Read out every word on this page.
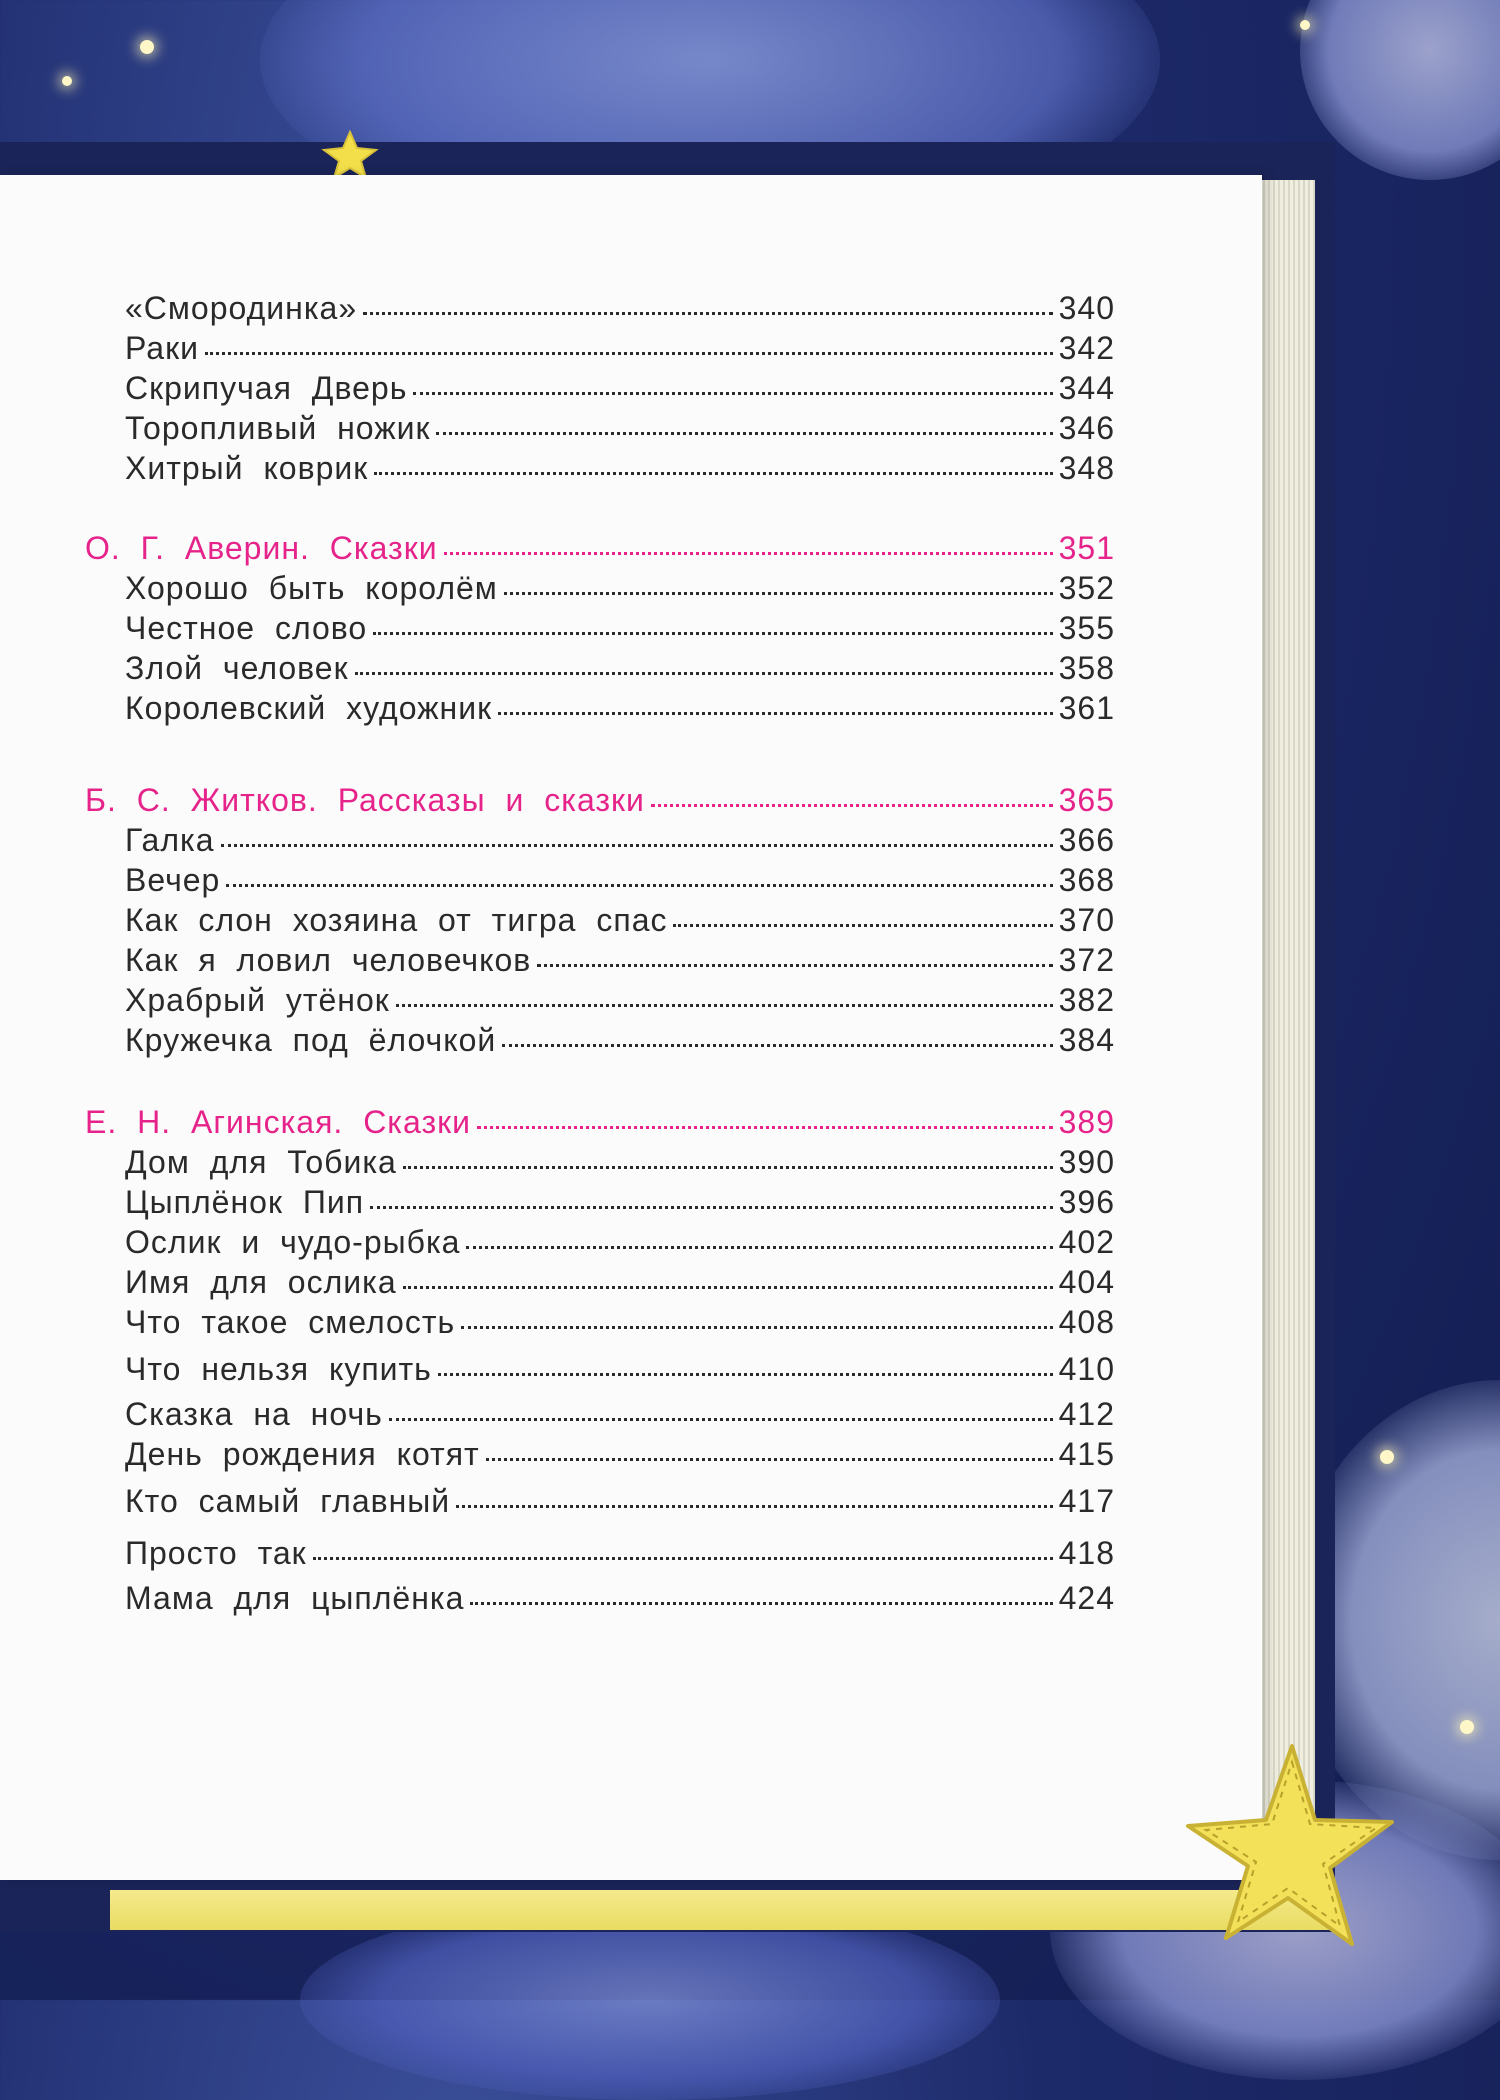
«Смородинка»	340
Раки	342
Скрипучая Дверь	344
Торопливый ножик	346
Хитрый коврик	348
О. Г. Аверин. Сказки	351
Хорошо быть королём	352
Честное слово	355
Злой человек	358
Королевский художник	361
Б. С. Житков. Рассказы и сказки	365
Галка	366
Вечер	368
Как слон хозяина от тигра спас	370
Как я ловил человечков	372
Храбрый утёнок	382
Кружечка под ёлочкой	384
Е. Н. Агинская. Сказки	389
Дом для Тобика	390
Цыплёнок Пип	396
Ослик и чудо-рыбка	402
Имя для ослика	404
Что такое смелость	408
Что нельзя купить	410
Сказка на ночь	412
День рождения котят	415
Кто самый главный	417
Просто так	418
Мама для цыплёнка	424
